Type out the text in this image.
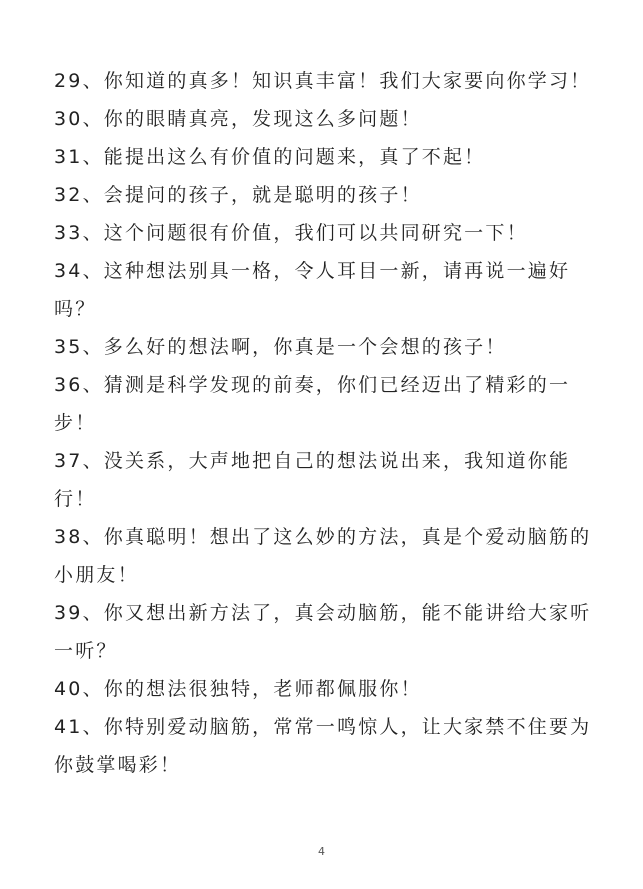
29、你知道的真多！知识真丰富！我们大家要向你学习！

30、你的眼睛真亮，发现这么多问题！

31、能提出这么有价值的问题来，真了不起！

32、会提问的孩子，就是聪明的孩子！

33、这个问题很有价值，我们可以共同研究一下！

34、这种想法别具一格，令人耳目一新，请再说一遍好吗？

35、多么好的想法啊，你真是一个会想的孩子！

36、猜测是科学发现的前奏，你们已经迈出了精彩的一步！

37、没关系，大声地把自己的想法说出来，我知道你能行！

38、你真聪明！想出了这么妙的方法，真是个爱动脑筋的小朋友！

39、你又想出新方法了，真会动脑筋，能不能讲给大家听一听？

40、你的想法很独特，老师都佩服你！

41、你特别爱动脑筋，常常一鸣惊人，让大家禁不住要为你鼓掌喝彩！

4
